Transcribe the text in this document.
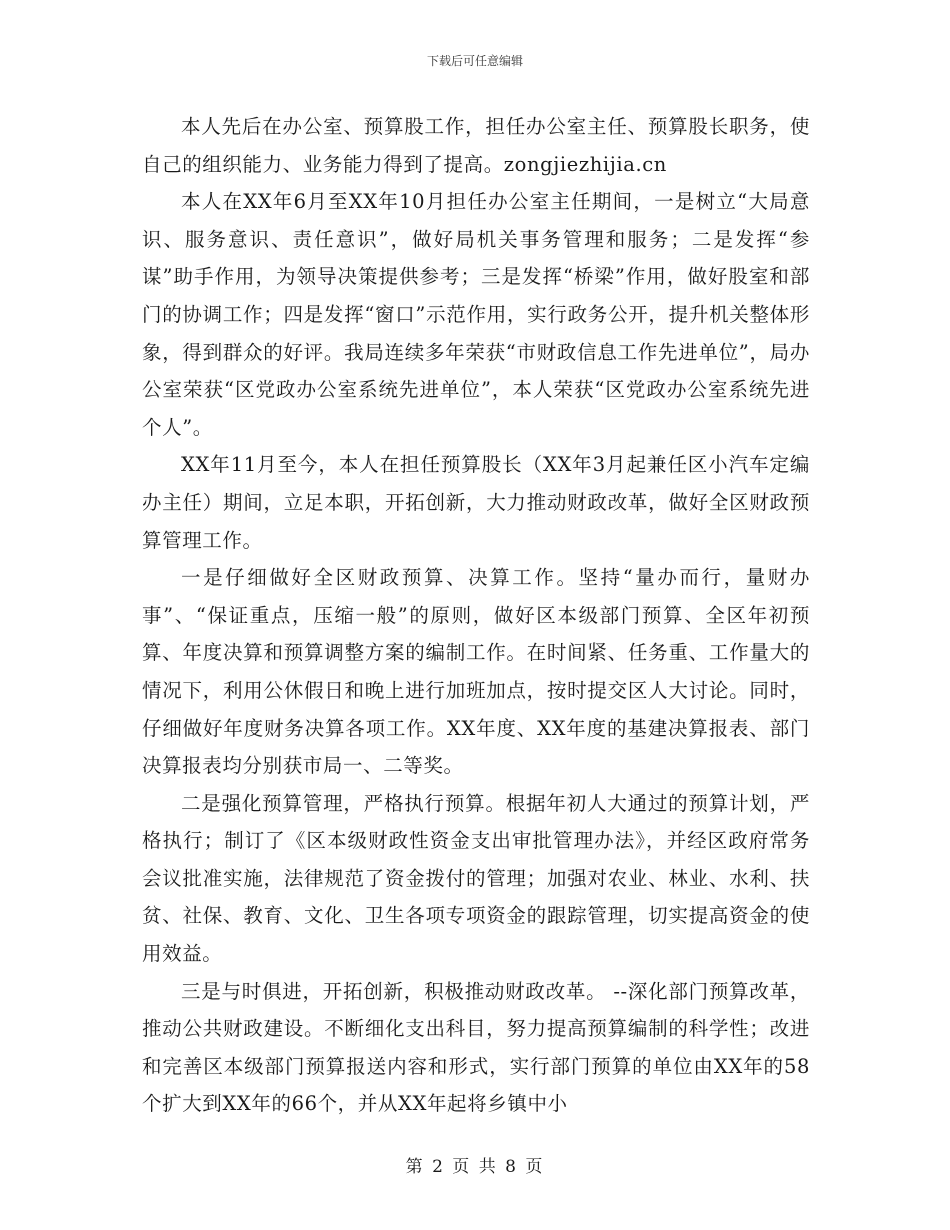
下载后可任意编辑

本人先后在办公室、预算股工作，担任办公室主任、预算股长职务，使自己的组织能力、业务能力得到了提高。zongjiezhijia.cn

本人在XX年6月至XX年10月担任办公室主任期间，一是树立“大局意识、服务意识、责任意识”，做好局机关事务管理和服务；二是发挥“参谋”助手作用，为领导决策提供参考；三是发挥“桥梁”作用，做好股室和部门的协调工作；四是发挥“窗口”示范作用，实行政务公开，提升机关整体形象，得到群众的好评。我局连续多年荣获“市财政信息工作先进单位”，局办公室荣获“区党政办公室系统先进单位”，本人荣获“区党政办公室系统先进个人”。

XX年11月至今，本人在担任预算股长（XX年3月起兼任区小汽车定编办主任）期间，立足本职，开拓创新，大力推动财政改革，做好全区财政预算管理工作。

一是仔细做好全区财政预算、决算工作。坚持“量办而行，量财办事”、“保证重点，压缩一般”的原则，做好区本级部门预算、全区年初预算、年度决算和预算调整方案的编制工作。在时间紧、任务重、工作量大的情况下，利用公休假日和晚上进行加班加点，按时提交区人大讨论。同时，仔细做好年度财务决算各项工作。XX年度、XX年度的基建决算报表、部门决算报表均分别获市局一、二等奖。

二是强化预算管理，严格执行预算。根据年初人大通过的预算计划，严格执行；制订了《区本级财政性资金支出审批管理办法》，并经区政府常务会议批准实施，法律规范了资金拨付的管理；加强对农业、林业、水利、扶贫、社保、教育、文化、卫生各项专项资金的跟踪管理，切实提高资金的使用效益。

三是与时俱进，开拓创新，积极推动财政改革。 --深化部门预算改革，推动公共财政建设。不断细化支出科目，努力提高预算编制的科学性；改进和完善区本级部门预算报送内容和形式，实行部门预算的单位由XX年的58个扩大到XX年的66个，并从XX年起将乡镇中小

第 2 页 共 8 页
